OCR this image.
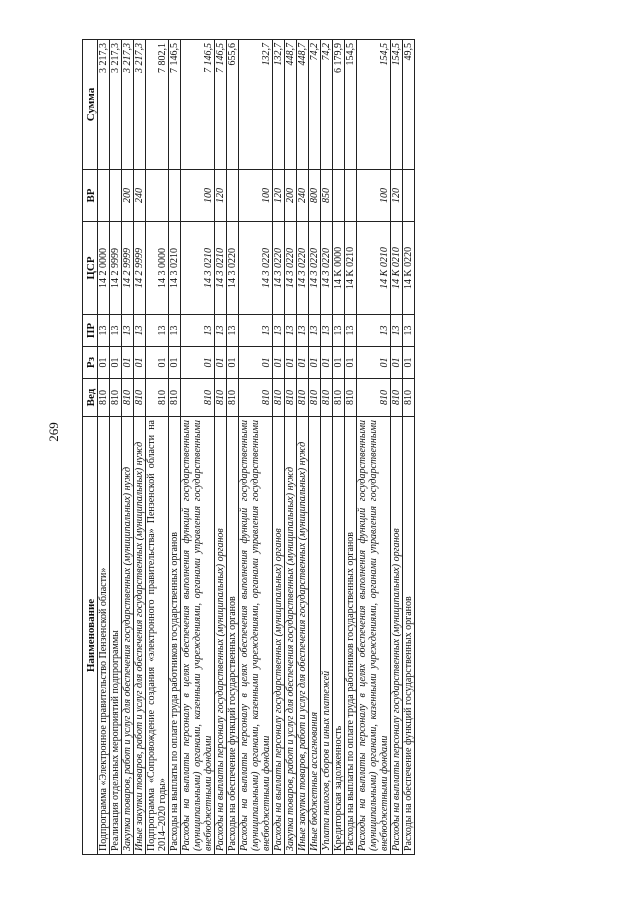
269
Наименование	Вед	Рз	ПР	ЦСР	ВР	Сумма
Подпрограмма «Электронное правительство Пензенской области»	810	01	13	14 2 0000		3 217,3
Реализация отдельных мероприятий подпрограммы	810	01	13	14 2 9999		3 217,3
Закупка товаров, работ и услуг для обеспечения государственных (муниципальных) нужд	810	01	13	14 2 9999	200	3 217,3
Иные закупки товаров, работ и услуг для обеспечения государственных (муниципальных) нужд	810	01	13	14 2 9999	240	3 217,3
Подпрограмма «Сопровождение создания «электронного правительства» Пензенской области на 2014–2020 годы»	810	01	13	14 3 0000		7 802,1
Расходы на выплаты по оплате труда работников государственных органов	810	01	13	14 3 0210		7 146,5
Расходы на выплаты персоналу в целях обеспечения выполнения функций государственными (муниципальными) органами, казенными учреждениями, органами управления государственными внебюджетными фондами	810	01	13	14 3 0210	100	7 146,5
Расходы на выплаты персоналу государственных (муниципальных) органов	810	01	13	14 3 0210	120	7 146,5
Расходы на обеспечение функций государственных органов	810	01	13	14 3 0220		655,6
Расходы на выплаты персоналу в целях обеспечения выполнения функций государственными (муниципальными) органами, казенными учреждениями, органами управления государственными внебюджетными фондами	810	01	13	14 3 0220	100	132,7
Расходы на выплаты персоналу государственных (муниципальных) органов	810	01	13	14 3 0220	120	132,7
Закупка товаров, работ и услуг для обеспечения государственных (муниципальных) нужд	810	01	13	14 3 0220	200	448,7
Иные закупки товаров, работ и услуг для обеспечения государственных (муниципальных) нужд	810	01	13	14 3 0220	240	448,7
Иные бюджетные ассигнования	810	01	13	14 3 0220	800	74,2
Уплата налогов, сборов и иных платежей	810	01	13	14 3 0220	850	74,2
Кредиторская задолженность	810	01	13	14 K 0000		6 179,9
Расходы на выплаты по оплате труда работников государственных органов	810	01	13	14 K 0210		154,5
Расходы на выплаты персоналу в целях обеспечения выполнения функций государственными (муниципальными) органами, казенными учреждениями, органами управления государственными внебюджетными фондами	810	01	13	14 K 0210	100	154,5
Расходы на выплаты персоналу государственных (муниципальных) органов	810	01	13	14 K 0210	120	154,5
Расходы на обеспечение функций государственных органов	810	01	13	14 K 0220		49,5
